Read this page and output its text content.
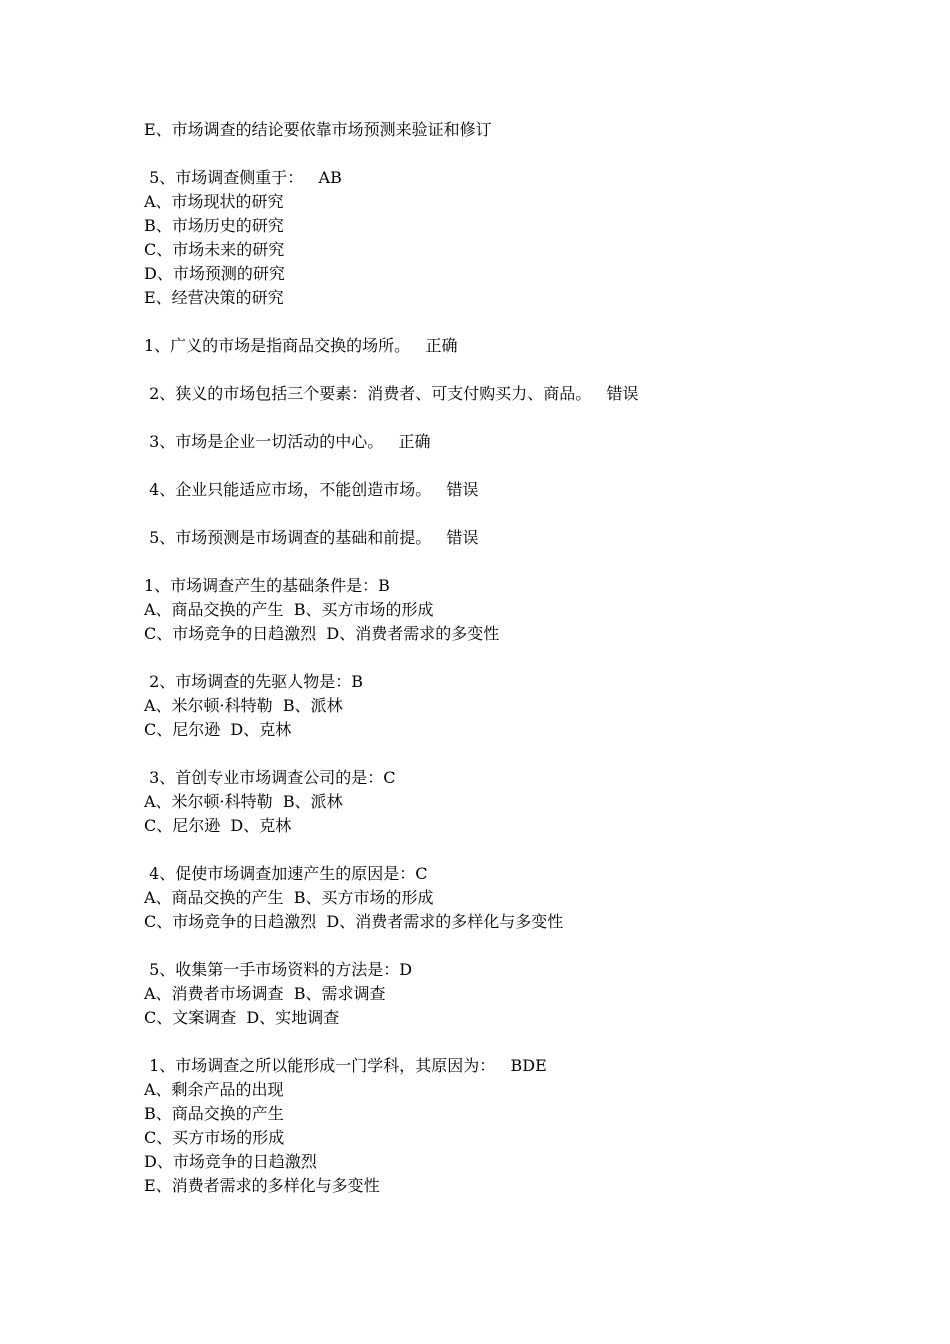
E、市场调查的结论要依靠市场预测来验证和修订

5、市场调查侧重于：   AB

A、市场现状的研究

B、市场历史的研究

C、市场未来的研究

D、市场预测的研究

E、经营决策的研究

1、广义的市场是指商品交换的场所。   正确

2、狭义的市场包括三个要素：消费者、可支付购买力、商品。   错误

3、市场是企业一切活动的中心。   正确

4、企业只能适应市场，不能创造市场。   错误

5、市场预测是市场调查的基础和前提。   错误

1、市场调查产生的基础条件是：B

A、商品交换的产生  B、买方市场的形成

C、市场竞争的日趋激烈  D、消费者需求的多变性

2、市场调查的先驱人物是：B

A、米尔顿·科特勒  B、派林

C、尼尔逊  D、克林

3、首创专业市场调查公司的是：C

A、米尔顿·科特勒  B、派林

C、尼尔逊  D、克林

4、促使市场调查加速产生的原因是：C

A、商品交换的产生  B、买方市场的形成

C、市场竞争的日趋激烈  D、消费者需求的多样化与多变性

5、收集第一手市场资料的方法是：D

A、消费者市场调查  B、需求调查

C、文案调查  D、实地调查

1、市场调查之所以能形成一门学科，其原因为：   BDE

A、剩余产品的出现

B、商品交换的产生

C、买方市场的形成

D、市场竞争的日趋激烈

E、消费者需求的多样化与多变性
